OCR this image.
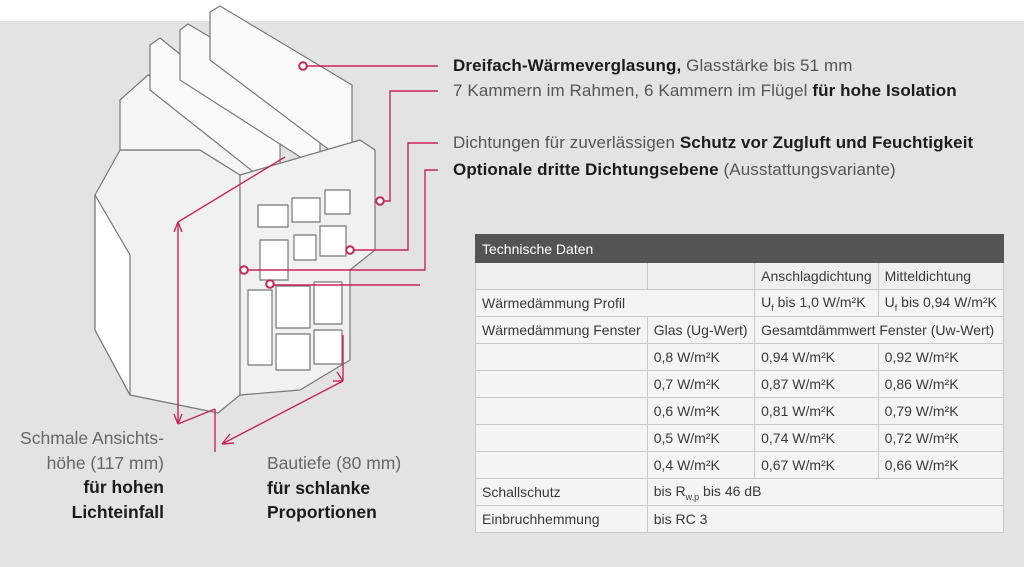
Dreifach-Wärmeverglasung, Glasstärke bis 51 mm
7 Kammern im Rahmen, 6 Kammern im Flügel für hohe Isolation
Dichtungen für zuverlässigen Schutz vor Zugluft und Feuchtigkeit
Optionale dritte Dichtungsebene (Ausstattungsvariante)
Schmale Ansichts-
höhe (117 mm)
für hohen
Lichteinfall
Bautiefe (80 mm)
für schlanke
Proportionen
Technische Daten			
		Anschlagdichtung	Mitteldichtung
Wärmedämmung Profil		$U_f$ bis 1,0 W/m²K	$U_f$ bis 0,94 W/m²K
Wärmedämmung Fenster	Glas (Ug-Wert)	Gesamtdämmwert Fenster (Uw-Wert)	
	0,8 W/m²K	0,94 W/m²K	0,92 W/m²K
	0,7 W/m²K	0,87 W/m²K	0,86 W/m²K
	0,6 W/m²K	0,81 W/m²K	0,79 W/m²K
	0,5 W/m²K	0,74 W/m²K	0,72 W/m²K
	0,4 W/m²K	0,67 W/m²K	0,66 W/m²K
Schallschutz	bis $R_{w,p}$ bis 46 dB		
Einbruchhemmung	bis RC 3		
